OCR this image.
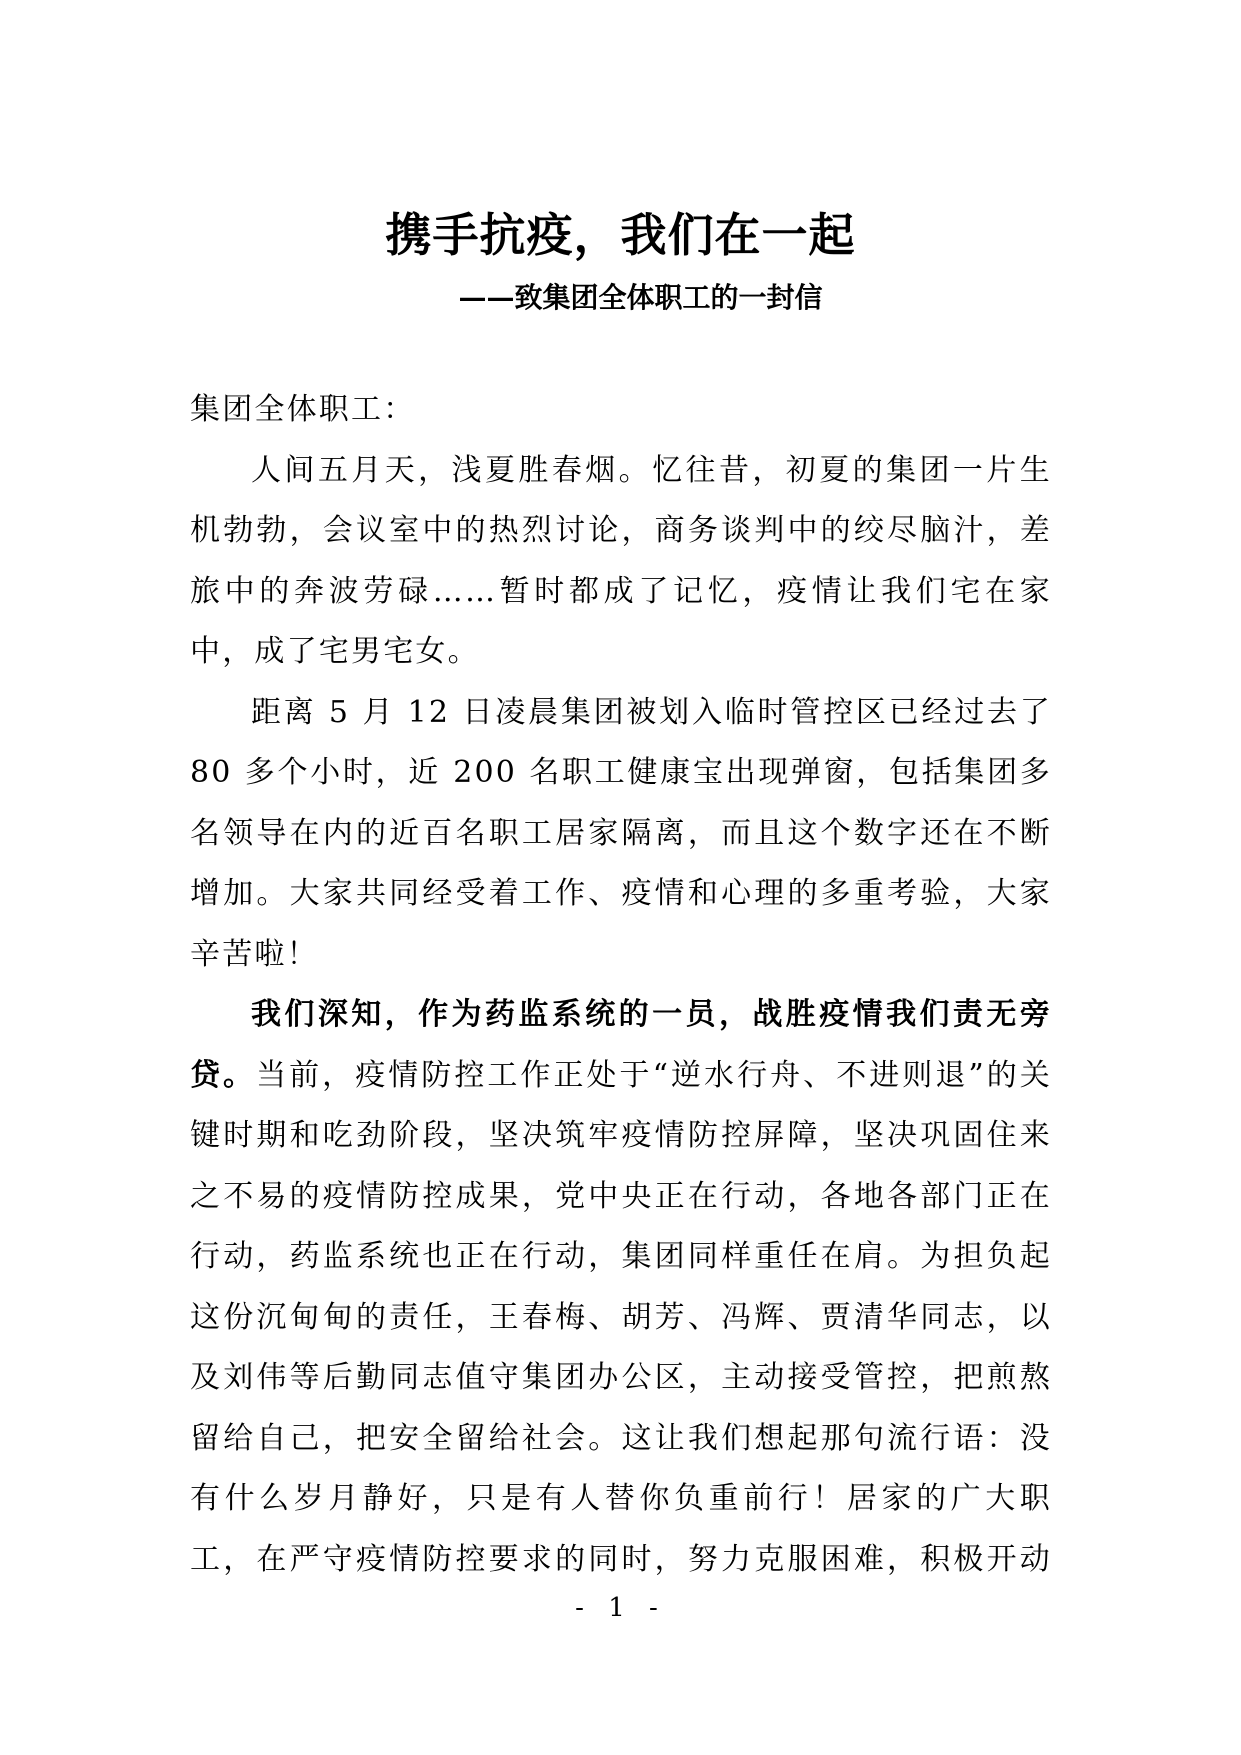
携手抗疫，我们在一起
——致集团全体职工的一封信

集团全体职工：

人间五月天，浅夏胜春烟。忆往昔，初夏的集团一片生机勃勃，会议室中的热烈讨论，商务谈判中的绞尽脑汁，差旅中的奔波劳碌……暂时都成了记忆，疫情让我们宅在家中，成了宅男宅女。

距离 5 月 12 日凌晨集团被划入临时管控区已经过去了80 多个小时，近 200 名职工健康宝出现弹窗，包括集团多名领导在内的近百名职工居家隔离，而且这个数字还在不断增加。大家共同经受着工作、疫情和心理的多重考验，大家辛苦啦！

我们深知，作为药监系统的一员，战胜疫情我们责无旁贷。当前，疫情防控工作正处于“逆水行舟、不进则退”的关键时期和吃劲阶段，坚决筑牢疫情防控屏障，坚决巩固住来之不易的疫情防控成果，党中央正在行动，各地各部门正在行动，药监系统也正在行动，集团同样重任在肩。为担负起这份沉甸甸的责任，王春梅、胡芳、冯辉、贾清华同志，以及刘伟等后勤同志值守集团办公区，主动接受管控，把煎熬留给自己，把安全留给社会。这让我们想起那句流行语：没有什么岁月静好，只是有人替你负重前行！居家的广大职工，在严守疫情防控要求的同时，努力克服困难，积极开动

- 1 -
